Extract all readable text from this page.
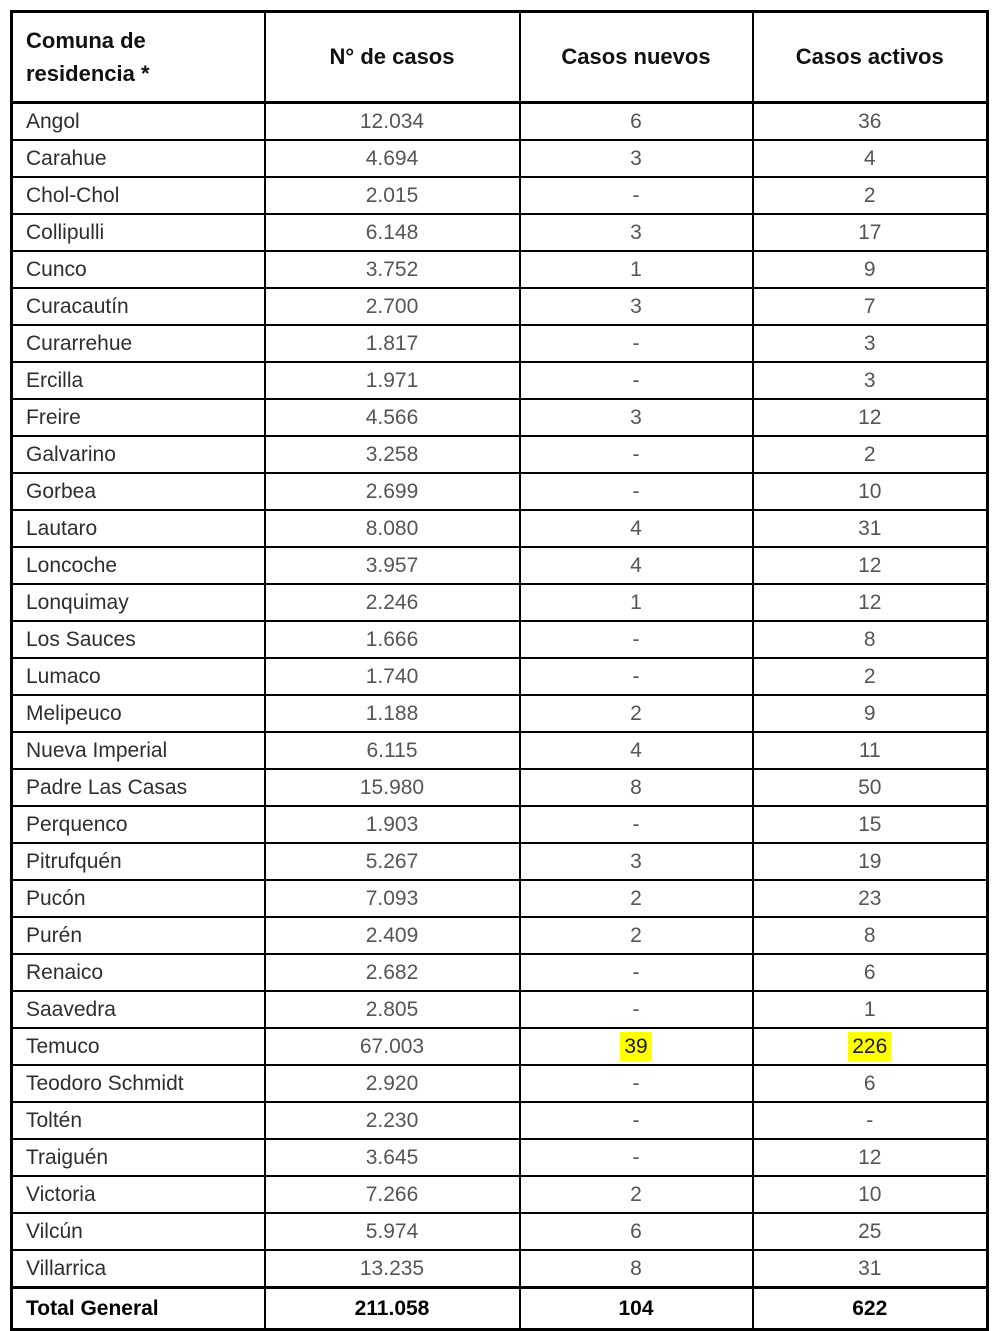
Comuna de residencia *	N° de casos	Casos nuevos	Casos activos
Angol	12.034	6	36
Carahue	4.694	3	4
Chol-Chol	2.015	-	2
Collipulli	6.148	3	17
Cunco	3.752	1	9
Curacautín	2.700	3	7
Curarrehue	1.817	-	3
Ercilla	1.971	-	3
Freire	4.566	3	12
Galvarino	3.258	-	2
Gorbea	2.699	-	10
Lautaro	8.080	4	31
Loncoche	3.957	4	12
Lonquimay	2.246	1	12
Los Sauces	1.666	-	8
Lumaco	1.740	-	2
Melipeuco	1.188	2	9
Nueva Imperial	6.115	4	11
Padre Las Casas	15.980	8	50
Perquenco	1.903	-	15
Pitrufquén	5.267	3	19
Pucón	7.093	2	23
Purén	2.409	2	8
Renaico	2.682	-	6
Saavedra	2.805	-	1
Temuco	67.003	39	226
Teodoro Schmidt	2.920	-	6
Toltén	2.230	-	-
Traiguén	3.645	-	12
Victoria	7.266	2	10
Vilcún	5.974	6	25
Villarrica	13.235	8	31
Total General	211.058	104	622
